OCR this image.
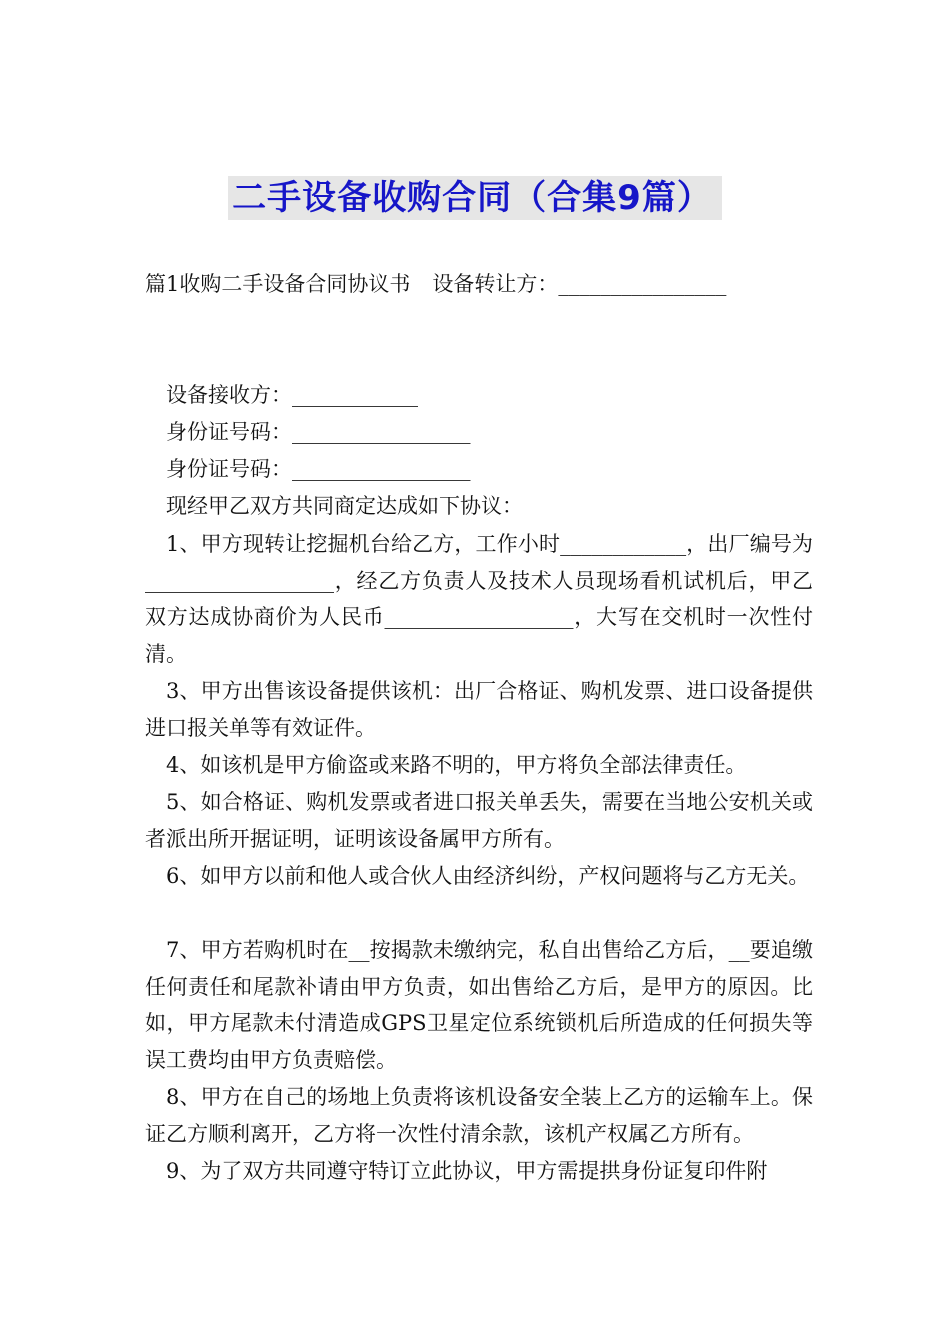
二手设备收购合同（合集9篇）
篇1收购二手设备合同协议书 设备转让方：________________
设备接收方：____________
身份证号码：_________________
身份证号码：_________________
现经甲乙双方共同商定达成如下协议：
1、甲方现转让挖掘机台给乙方，工作小时____________，出厂编号为__________________，经乙方负责人及技术人员现场看机试机后，甲乙双方达成协商价为人民币__________________，大写在交机时一次性付清。
3、甲方出售该设备提供该机：出厂合格证、购机发票、进口设备提供进口报关单等有效证件。
4、如该机是甲方偷盗或来路不明的，甲方将负全部法律责任。
5、如合格证、购机发票或者进口报关单丢失，需要在当地公安机关或者派出所开据证明，证明该设备属甲方所有。
6、如甲方以前和他人或合伙人由经济纠纷，产权问题将与乙方无关。
7、甲方若购机时在__按揭款未缴纳完，私自出售给乙方后，__要追缴任何责任和尾款补请由甲方负责，如出售给乙方后，是甲方的原因。比如，甲方尾款未付清造成GPS卫星定位系统锁机后所造成的任何损失等误工费均由甲方负责赔偿。
8、甲方在自己的场地上负责将该机设备安全装上乙方的运输车上。保证乙方顺利离开，乙方将一次性付清余款，该机产权属乙方所有。
9、为了双方共同遵守特订立此协议，甲方需提拱身份证复印件附
